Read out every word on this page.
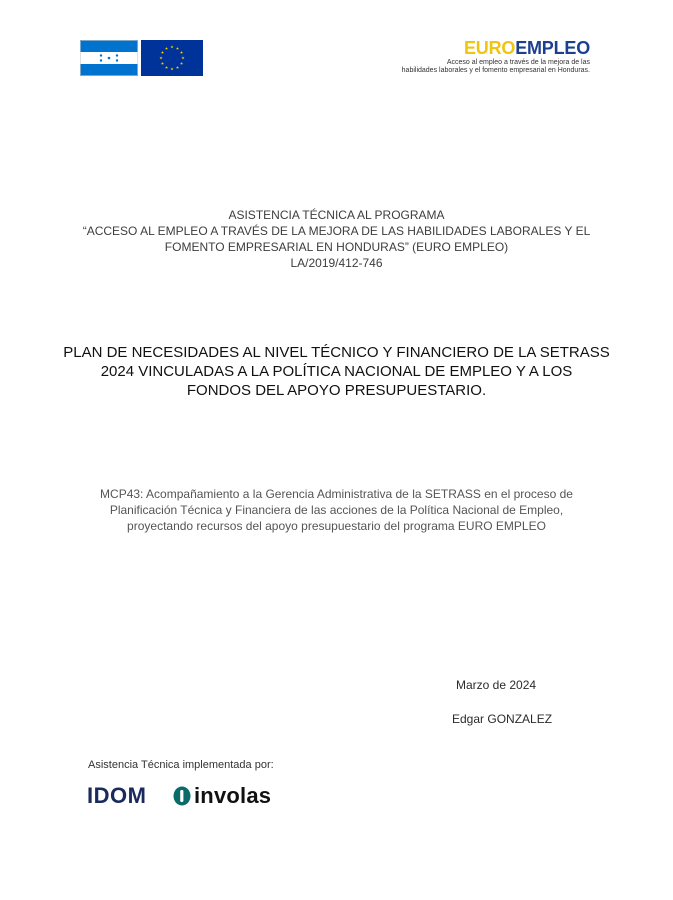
EUROEMPLEO
Acceso al empleo a través de la mejora de las
habilidades laborales y el fomento empresarial en Honduras.
ASISTENCIA TÉCNICA AL PROGRAMA
“ACCESO AL EMPLEO A TRAVÉS DE LA MEJORA DE LAS HABILIDADES LABORALES Y EL
FOMENTO EMPRESARIAL EN HONDURAS” (EURO EMPLEO)
LA/2019/412-746
PLAN DE NECESIDADES AL NIVEL TÉCNICO Y FINANCIERO DE LA SETRASS
2024 VINCULADAS A LA POLÍTICA NACIONAL DE EMPLEO Y A LOS
FONDOS DEL APOYO PRESUPUESTARIO.
MCP43: Acompañamiento a la Gerencia Administrativa de la SETRASS en el proceso de
Planificación Técnica y Financiera de las acciones de la Política Nacional de Empleo,
proyectando recursos del apoyo presupuestario del programa EURO EMPLEO
Marzo de 2024
Edgar GONZALEZ
Asistencia Técnica implementada por:
IDOM involas
